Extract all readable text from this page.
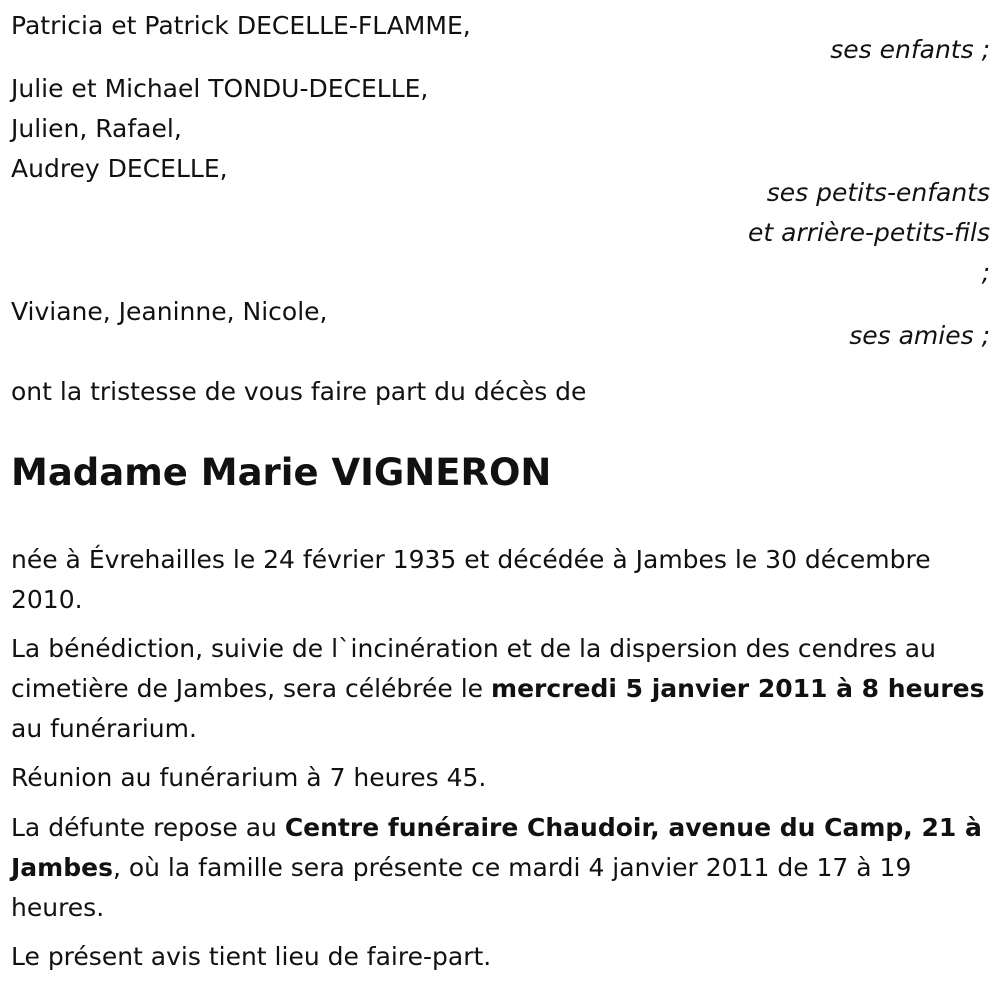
Patricia et Patrick DECELLE-FLAMME,
ses enfants ;
Julie et Michael TONDU-DECELLE,
Julien, Rafael,
Audrey DECELLE,
ses petits-enfants
et arrière-petits-fils
;
Viviane, Jeaninne, Nicole,
ses amies ;
ont la tristesse de vous faire part du décès de
Madame Marie VIGNERON
née à Évrehailles le 24 février 1935 et décédée à Jambes le 30 décembre 2010.
La bénédiction, suivie de l`incinération et de la dispersion des cendres au cimetière de Jambes, sera célébrée le mercredi 5 janvier 2011 à 8 heures au funérarium.
Réunion au funérarium à 7 heures 45.
La défunte repose au Centre funéraire Chaudoir, avenue du Camp, 21 à Jambes, où la famille sera présente ce mardi 4 janvier 2011 de 17 à 19 heures.
Le présent avis tient lieu de faire-part.
